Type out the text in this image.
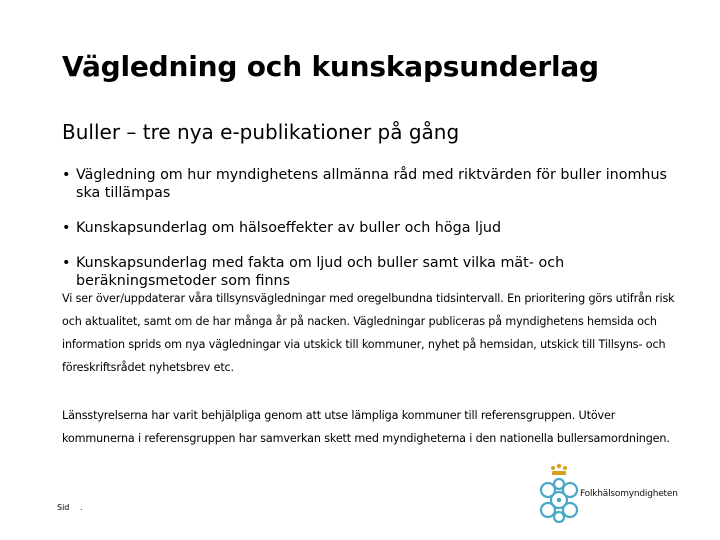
Vägledning och kunskapsunderlag
Buller – tre nya e-publikationer på gång
• Vägledning om hur myndighetens allmänna råd med riktvärden för buller inomhus ska tillämpas
• Kunskapsunderlag om hälsoeffekter av buller och höga ljud
• Kunskapsunderlag med fakta om ljud och buller samt vilka mät- och beräkningsmetoder som finns
Vi ser över/uppdaterar våra tillsynsvägledningar med oregelbundna tidsintervall. En prioritering görs utifrån risk och aktualitet, samt om de har många år på nacken. Vägledningar publiceras på myndighetens hemsida och information sprids om nya vägledningar via utskick till kommuner, nyhet på hemsidan, utskick till Tillsyns- och föreskriftsrådet nyhetsbrev etc.
Länsstyrelserna har varit behjälpliga genom att utse lämpliga kommuner till referensgruppen. Utöver kommunerna i referensgruppen har samverkan skett med myndigheterna i den nationella bullersamordningen.
Sid .
Folkhälsomyndigheten
